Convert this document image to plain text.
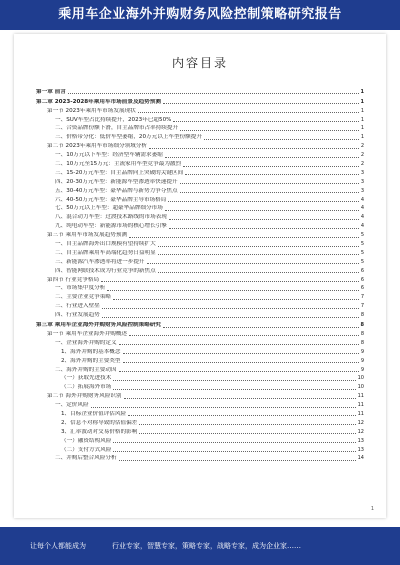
乘用车企业海外并购财务风险控制策略研究报告
内容目录
第一章 前言	1
第二章 2023-2028年乘用车市场前景及趋势预测	1
第一节 2023年乘用车市场发展现状	1
一、SUV车型占比持续提升，2023年已超50%	1
二、合资品牌份额下滑，自主品牌市占率持续提升	1
三、价格带分化：低价车型萎缩，20万元以上车型份额提升	1
第二节 2023年乘用车市场细分领域分析	2
一、10万元以下车型：经济型车辆需求萎缩	2
二、10万元至15万元：主流家用车型竞争最为激烈	2
三、15-20万元车型：自主品牌向上突破的关键区间	3
四、20-30万元车型：新能源车型渗透率快速提升	3
五、30-40万元车型：豪华品牌与新势力争夺焦点	3
六、40-50万元车型：豪华品牌主导市场格局	4
七、50万元以上车型：超豪华品牌细分市场	4
八、混合动力车型：过渡技术路线的市场表现	4
九、纯电动车型：新能源市场的核心增长引擎	4
第三节 乘用车市场发展趋势预测	5
一、自主品牌海外出口规模有望持续扩大	5
二、自主品牌乘用车高端化趋势日益明显	5
三、新能源汽车渗透率将进一步提升	5
四、智能网联技术成为行业竞争的新焦点	6
第四节 行业竞争格局	6
一、市场集中度分析	6
二、主要企业竞争策略	7
三、行业进入壁垒	7
四、行业发展趋势	8
第三章 乘用车企业海外并购财务风险控制策略研究	8
第一节 乘用车企业海外并购概述	8
一、企业海外并购的定义	8
1、海外并购的基本概念	9
2、海外并购的主要类型	9
二、海外并购的主要动因	9
（一）获取先进技术	10
（二）拓展海外市场	10
第二节 海外并购财务风险识别	11
一、定价风险	11
1、目标企业价值评估风险	11
2、信息不对称导致的估值偏差	12
3、汇率波动对交易价格的影响	12
（一）融资结构风险	13
（二）支付方式风险	13
二、并购后整合风险分析	14
1
让每个人都能成为	行业专家，智慧专家，策略专家，战略专家，成为企业家……
